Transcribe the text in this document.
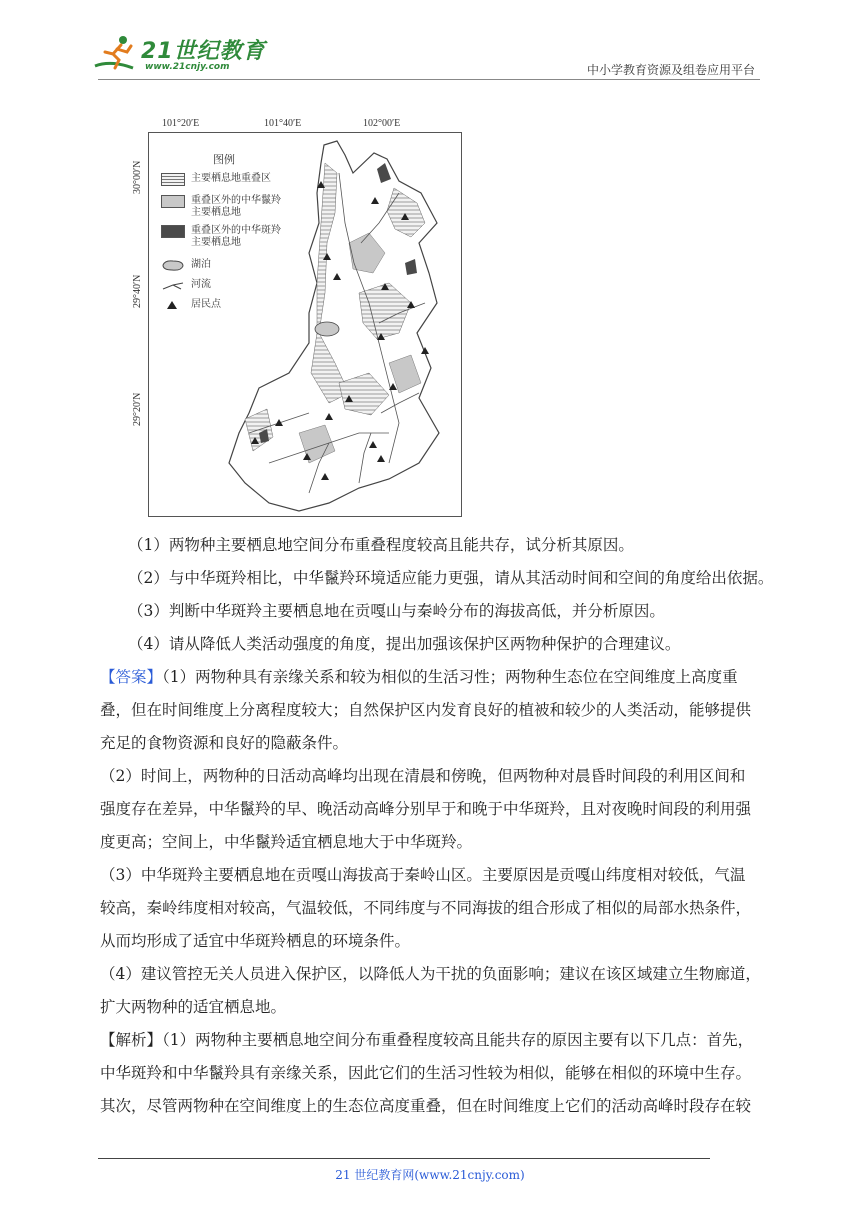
21世纪教育
www.21cnjy.com	中小学教育资源及组卷应用平台
101°20′E	101°40′E	102°00′E
30°00′N
29°40′N
29°20′N
图例
主要栖息地重叠区
重叠区外的中华鬣羚
主要栖息地
重叠区外的中华斑羚
主要栖息地
湖泊
河流
居民点
（1）两物种主要栖息地空间分布重叠程度较高且能共存，试分析其原因。
（2）与中华斑羚相比，中华鬣羚环境适应能力更强，请从其活动时间和空间的角度给出依据。
（3）判断中华斑羚主要栖息地在贡嘎山与秦岭分布的海拔高低，并分析原因。
（4）请从降低人类活动强度的角度，提出加强该保护区两物种保护的合理建议。
【答案】（1）两物种具有亲缘关系和较为相似的生活习性；两物种生态位在空间维度上高度重
叠，但在时间维度上分离程度较大；自然保护区内发育良好的植被和较少的人类活动，能够提供
充足的食物资源和良好的隐蔽条件。
（2）时间上，两物种的日活动高峰均出现在清晨和傍晚，但两物种对晨昏时间段的利用区间和
强度存在差异，中华鬣羚的早、晚活动高峰分别早于和晚于中华斑羚，且对夜晚时间段的利用强
度更高；空间上，中华鬣羚适宜栖息地大于中华斑羚。
（3）中华斑羚主要栖息地在贡嘎山海拔高于秦岭山区。主要原因是贡嘎山纬度相对较低，气温
较高，秦岭纬度相对较高，气温较低，不同纬度与不同海拔的组合形成了相似的局部水热条件，
从而均形成了适宜中华斑羚栖息的环境条件。
（4）建议管控无关人员进入保护区，以降低人为干扰的负面影响；建议在该区域建立生物廊道，
扩大两物种的适宜栖息地。
【解析】（1）两物种主要栖息地空间分布重叠程度较高且能共存的原因主要有以下几点：首先，
中华斑羚和中华鬣羚具有亲缘关系，因此它们的生活习性较为相似，能够在相似的环境中生存。
其次，尽管两物种在空间维度上的生态位高度重叠，但在时间维度上它们的活动高峰时段存在较
21 世纪教育网(www.21cnjy.com)
